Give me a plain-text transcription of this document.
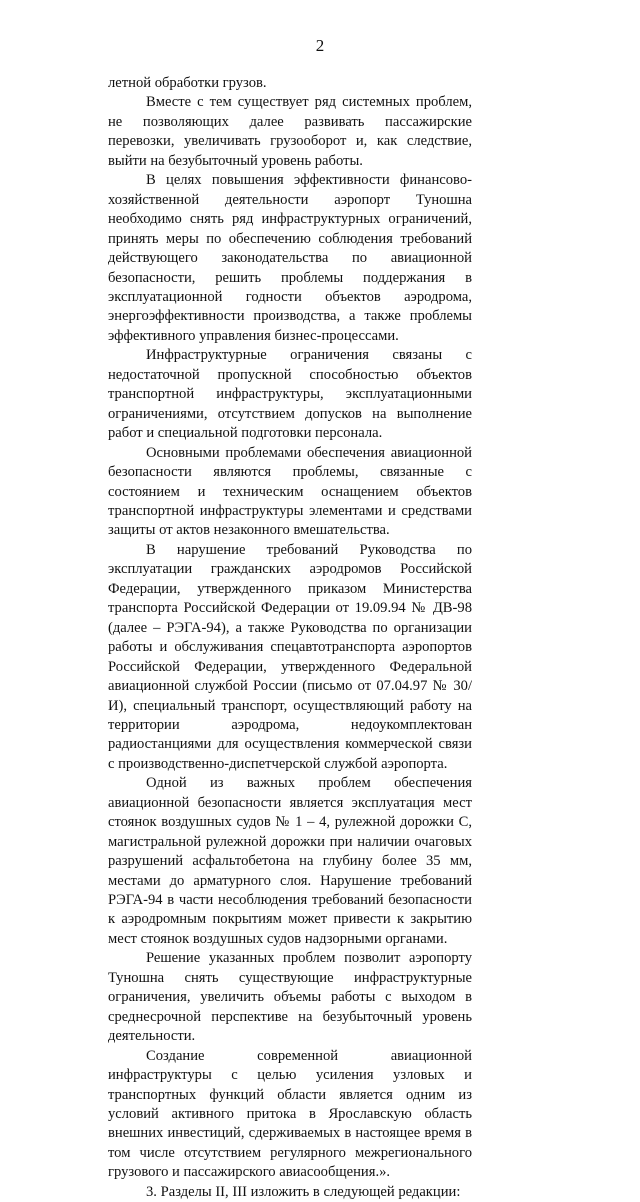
2

летной обработки грузов.

Вместе с тем существует ряд системных проблем, не позволяющих далее развивать пассажирские перевозки, увеличивать грузооборот и, как следствие, выйти на безубыточный уровень работы.

В целях повышения эффективности финансово-хозяйственной деятельности аэропорт Туношна необходимо снять ряд инфраструктурных ограничений, принять меры по обеспечению соблюдения требований действующего законодательства по авиационной безопасности, решить проблемы поддержания в эксплуатационной годности объектов аэродрома, энергоэффективности производства, а также проблемы эффективного управления бизнес-процессами.

Инфраструктурные ограничения связаны с недостаточной пропускной способностью объектов транспортной инфраструктуры, эксплуатационными ограничениями, отсутствием допусков на выполнение работ и специальной подготовки персонала.

Основными проблемами обеспечения авиационной безопасности являются проблемы, связанные с состоянием и техническим оснащением объектов транспортной инфраструктуры элементами и средствами защиты от актов незаконного вмешательства.

В нарушение требований Руководства по эксплуатации гражданских аэродромов Российской Федерации, утвержденного приказом Министерства транспорта Российской Федерации от 19.09.94 № ДВ-98 (далее – РЭГА-94), а также Руководства по организации работы и обслуживания спецавтотранспорта аэропортов Российской Федерации, утвержденного Федеральной авиационной службой России (письмо от 07.04.97 № 30/И), специальный транспорт, осуществляющий работу на территории аэродрома, недоукомплектован радиостанциями для осуществления коммерческой связи с производственно-диспетчерской службой аэропорта.

Одной из важных проблем обеспечения авиационной безопасности является эксплуатация мест стоянок воздушных судов № 1 – 4, рулежной дорожки С, магистральной рулежной дорожки при наличии очаговых разрушений асфальтобетона на глубину более 35 мм, местами до арматурного слоя. Нарушение требований РЭГА-94 в части несоблюдения требований безопасности к аэродромным покрытиям может привести к закрытию мест стоянок воздушных судов надзорными органами.

Решение указанных проблем позволит аэропорту Туношна снять существующие инфраструктурные ограничения, увеличить объемы работы с выходом в среднесрочной перспективе на безубыточный уровень деятельности.

Создание современной авиационной инфраструктуры с целью усиления узловых и транспортных функций области является одним из условий активного притока в Ярославскую область внешних инвестиций, сдерживаемых в настоящее время в том числе отсутствием регулярного межрегионального грузового и пассажирского авиасообщения.».

3. Разделы II, III изложить в следующей редакции:
